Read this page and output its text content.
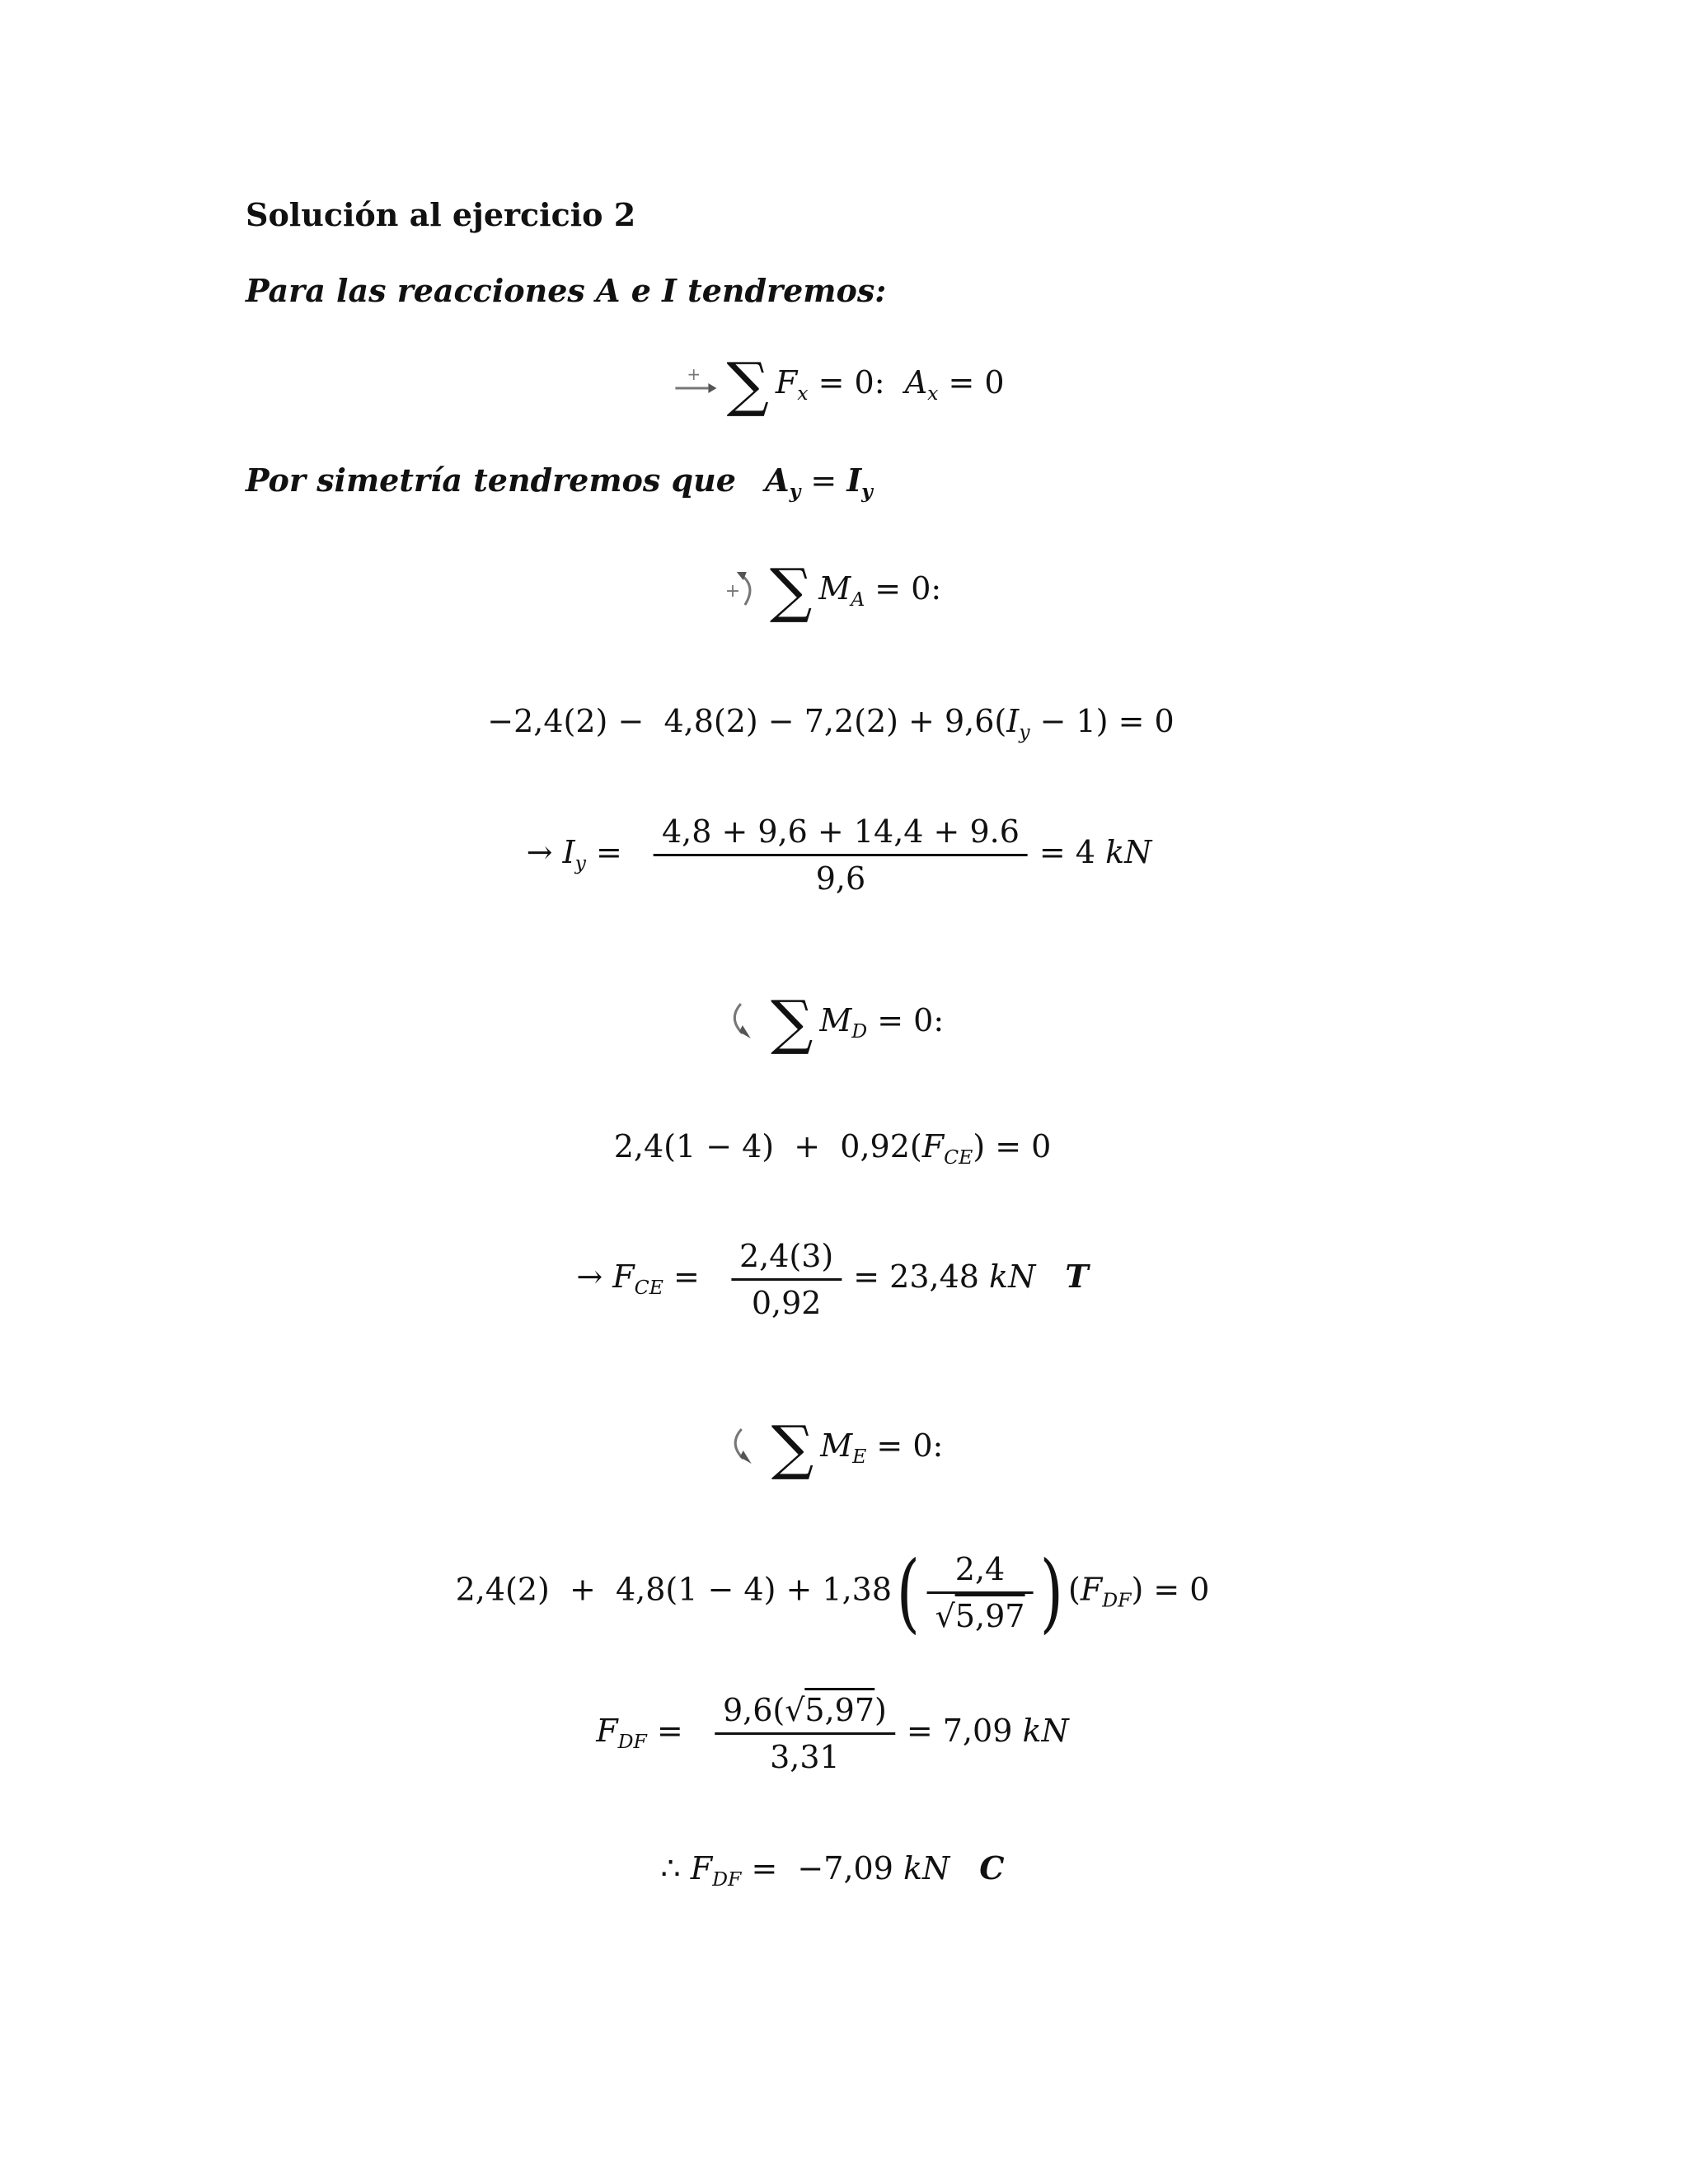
Solución al ejercicio 2
Para las reacciones A e I tendremos:
+ ∑ $F_x = 0$:  $A_x = 0$
Por simetría tendremos que $A_y = I_y$
+ ∑ $M_A = 0$:
$-2,4(2) - 4,8(2) - 7,2(2) + 9,6(I_y - 1) = 0$
→ $I_y = \frac{4,8 + 9,6 + 14,4 + 9.6}{9,6} = 4$ kN
∑ $M_D = 0$:
$2,4(1 - 4) + 0,92(F_{CE}) = 0$
→ $F_{CE} = \frac{2,4(3)}{0,92} = 23,48$ kN T
∑ $M_E = 0$:
$2,4(2) + 4,8(1 - 4) + 1,38( \frac{2,4}{√5,97}$ ) $(F_{DF}) = 0$
$F_{DF} = \frac{9,6(√5,97)}{3,31} = 7,09$ kN
∴ $F_{DF} = -7,09$ kN C
